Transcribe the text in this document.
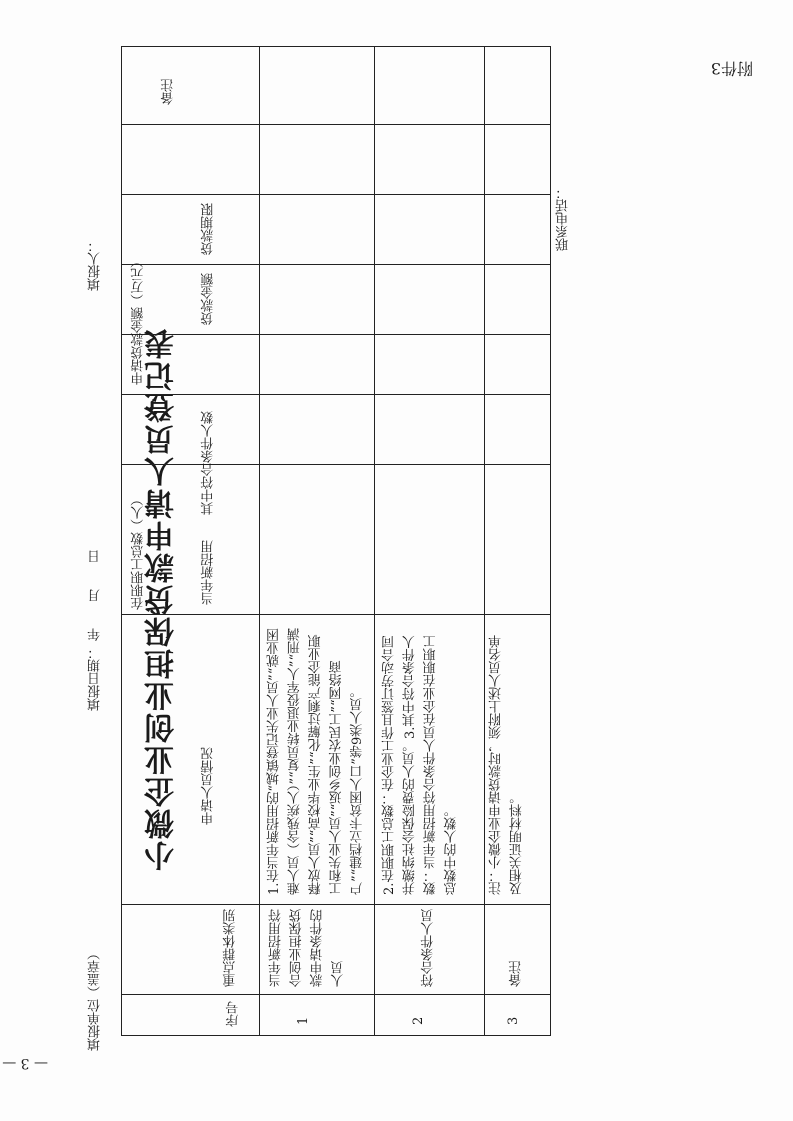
附件3
小微企业创业担保贷款申请人员登记表
填报单位（盖章）
填报日期：
年　　月　　日
填报人：
联系电话：
序号
重点群体类别
申请人员情况
在职职工总数（人）	当年新招用
其中符合条件人数
申请贷款金额（万元）	贷款金额
贷款期限
备注
1
当年新招用符合创业担保贷款申请条件的人员
1.在当年新招用的“城镇登记失业人员”“就业困难人员（含残疾人）”“复员转业退役军人”“刑满释放人员”“高校毕业生”“化解过剩产能企业职工和失业人员”“返乡创业农民工”“网络商户”“建档立卡贫困人口”等9类人员。
2
符合条件人员
2.在职职工总数：在企业工作且签订劳动合同并缴纳社会保险费的人员。3.其中符合条件人数：当年新招用符合条件人员在企业在职职工总数中的人数。
3
备注
注：小微企业申请贷款时，须附上述人员名单及相关证明材料。
— 3 —
